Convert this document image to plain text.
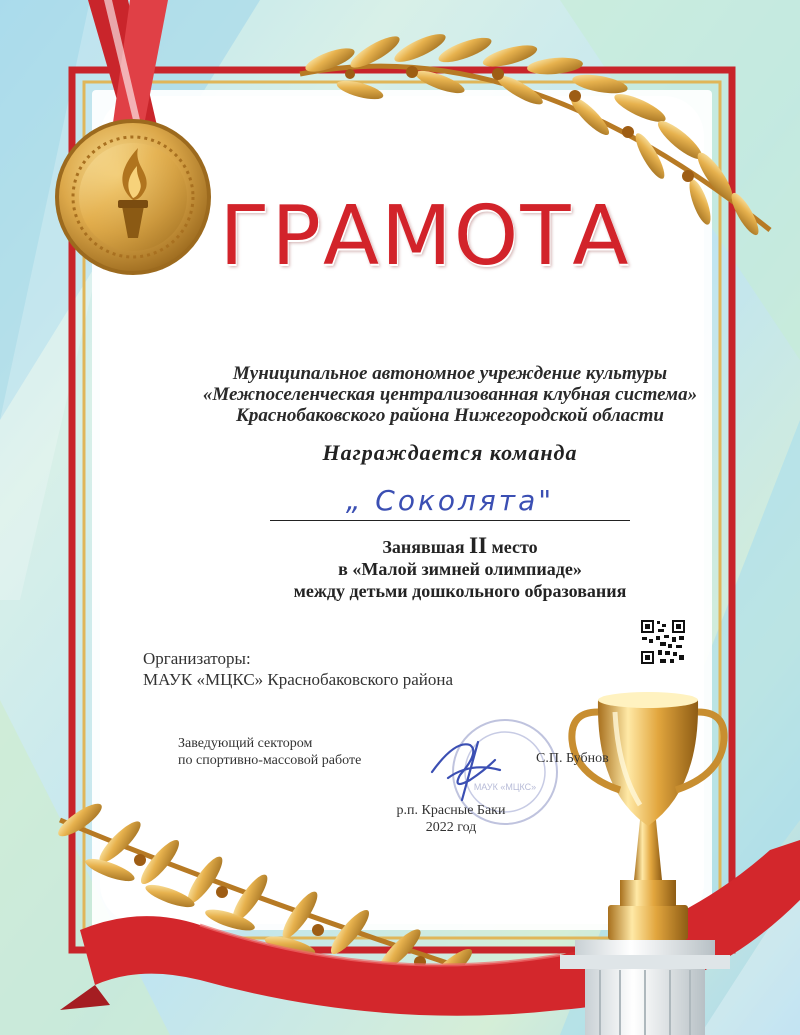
МАУК «МЦКС»
ГРАМОТА
Муниципальное автономное учреждение культуры
«Межпоселенческая централизованная клубная система»
Краснобаковского района Нижегородской области
Награждается команда
„ Соколята"
Занявшая II место
в «Малой зимней олимпиаде»
между детьми дошкольного образования
Организаторы:
МАУК «МЦКС» Краснобаковского района
Заведующий сектором
по спортивно-массовой работе	С.П. Бубнов
р.п. Красные Баки
2022 год
